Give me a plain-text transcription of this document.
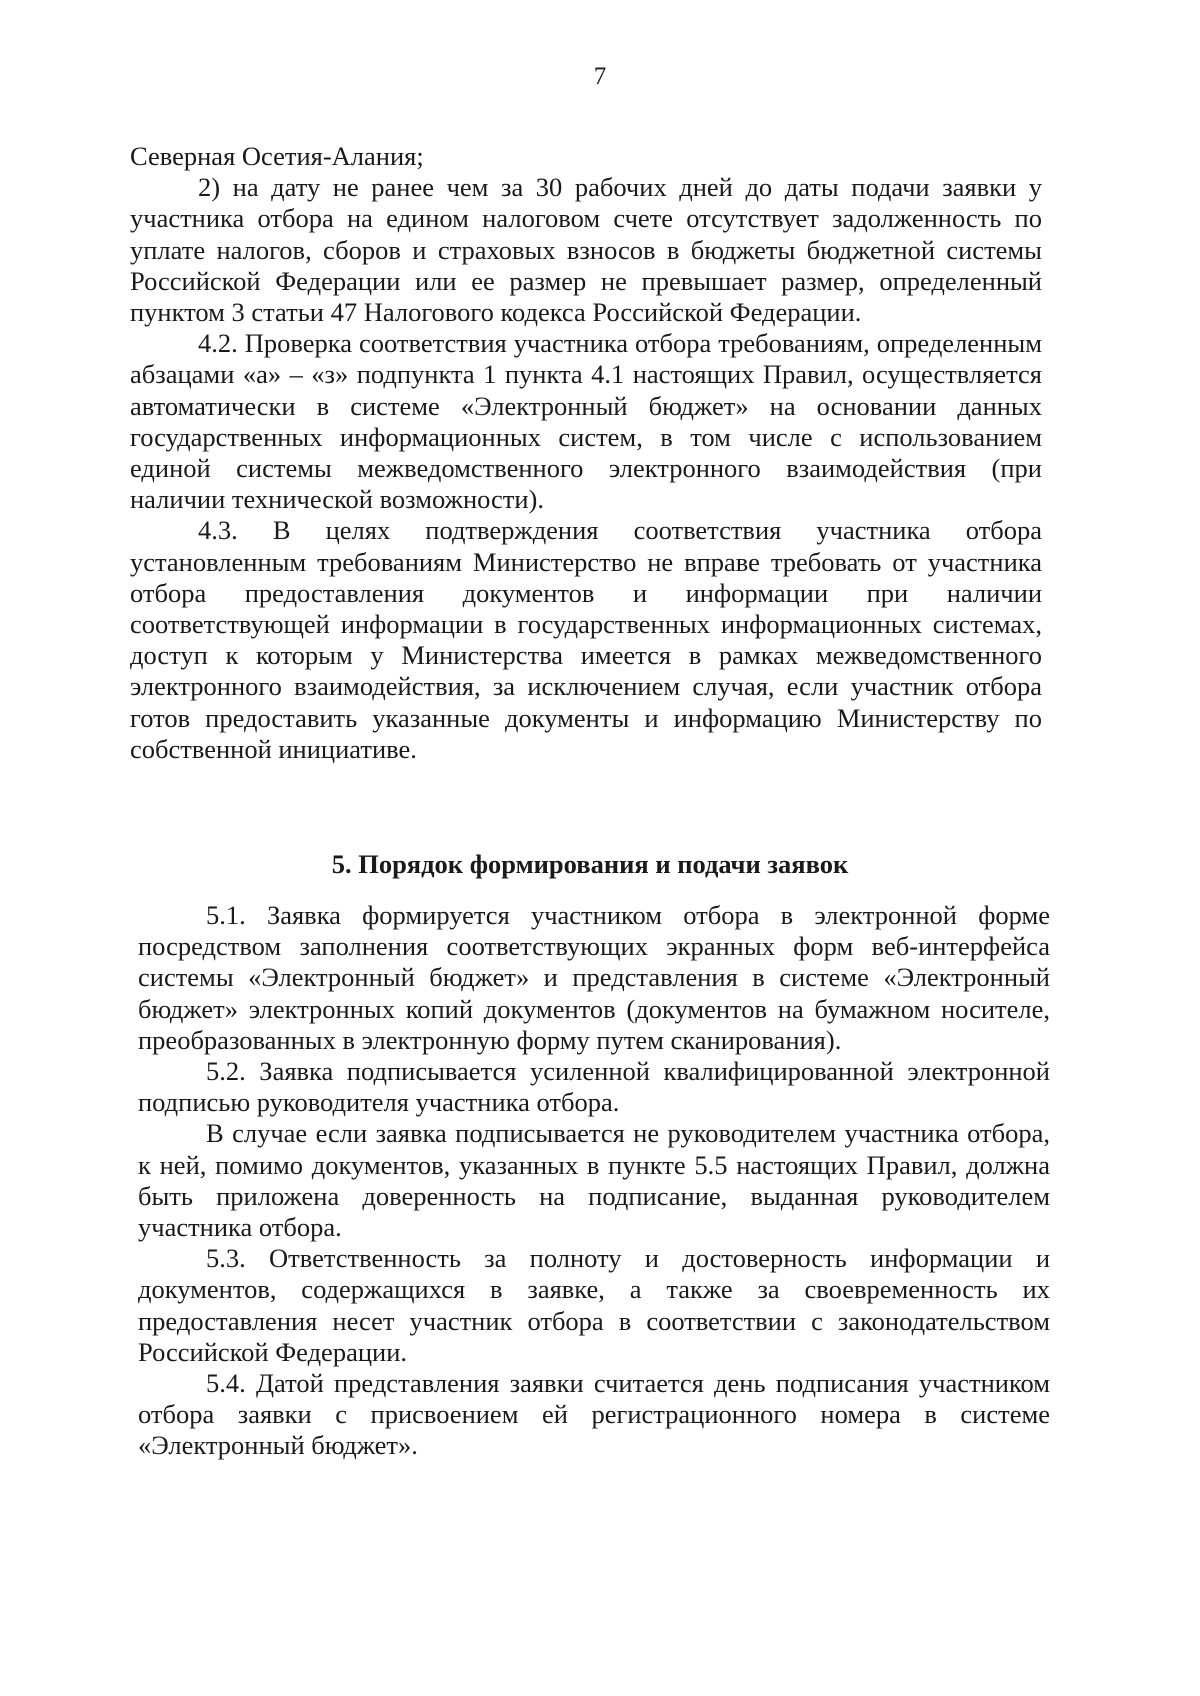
7

Северная Осетия-Алания;

2) на дату не ранее чем за 30 рабочих дней до даты подачи заявки у участника отбора на едином налоговом счете отсутствует задолженность по уплате налогов, сборов и страховых взносов в бюджеты бюджетной системы Российской Федерации или ее размер не превышает размер, определенный пунктом 3 статьи 47 Налогового кодекса Российской Федерации.

4.2. Проверка соответствия участника отбора требованиям, определенным абзацами «а» – «з» подпункта 1 пункта 4.1 настоящих Правил, осуществляется автоматически в системе «Электронный бюджет» на основании данных государственных информационных систем, в том числе с использованием единой системы межведомственного электронного взаимодействия (при наличии технической возможности).

4.3. В целях подтверждения соответствия участника отбора установленным требованиям Министерство не вправе требовать от участника отбора предоставления документов и информации при наличии соответствующей информации в государственных информационных системах, доступ к которым у Министерства имеется в рамках межведомственного электронного взаимодействия, за исключением случая, если участник отбора готов предоставить указанные документы и информацию Министерству по собственной инициативе.

5. Порядок формирования и подачи заявок

5.1. Заявка формируется участником отбора в электронной форме посредством заполнения соответствующих экранных форм веб-интерфейса системы «Электронный бюджет» и представления в системе «Электронный бюджет» электронных копий документов (документов на бумажном носителе, преобразованных в электронную форму путем сканирования).

5.2. Заявка подписывается усиленной квалифицированной электронной подписью руководителя участника отбора.

В случае если заявка подписывается не руководителем участника отбора, к ней, помимо документов, указанных в пункте 5.5 настоящих Правил, должна быть приложена доверенность на подписание, выданная руководителем участника отбора.

5.3. Ответственность за полноту и достоверность информации и документов, содержащихся в заявке, а также за своевременность их предоставления несет участник отбора в соответствии с законодательством Российской Федерации.

5.4. Датой представления заявки считается день подписания участником отбора заявки с присвоением ей регистрационного номера в системе «Электронный бюджет».
